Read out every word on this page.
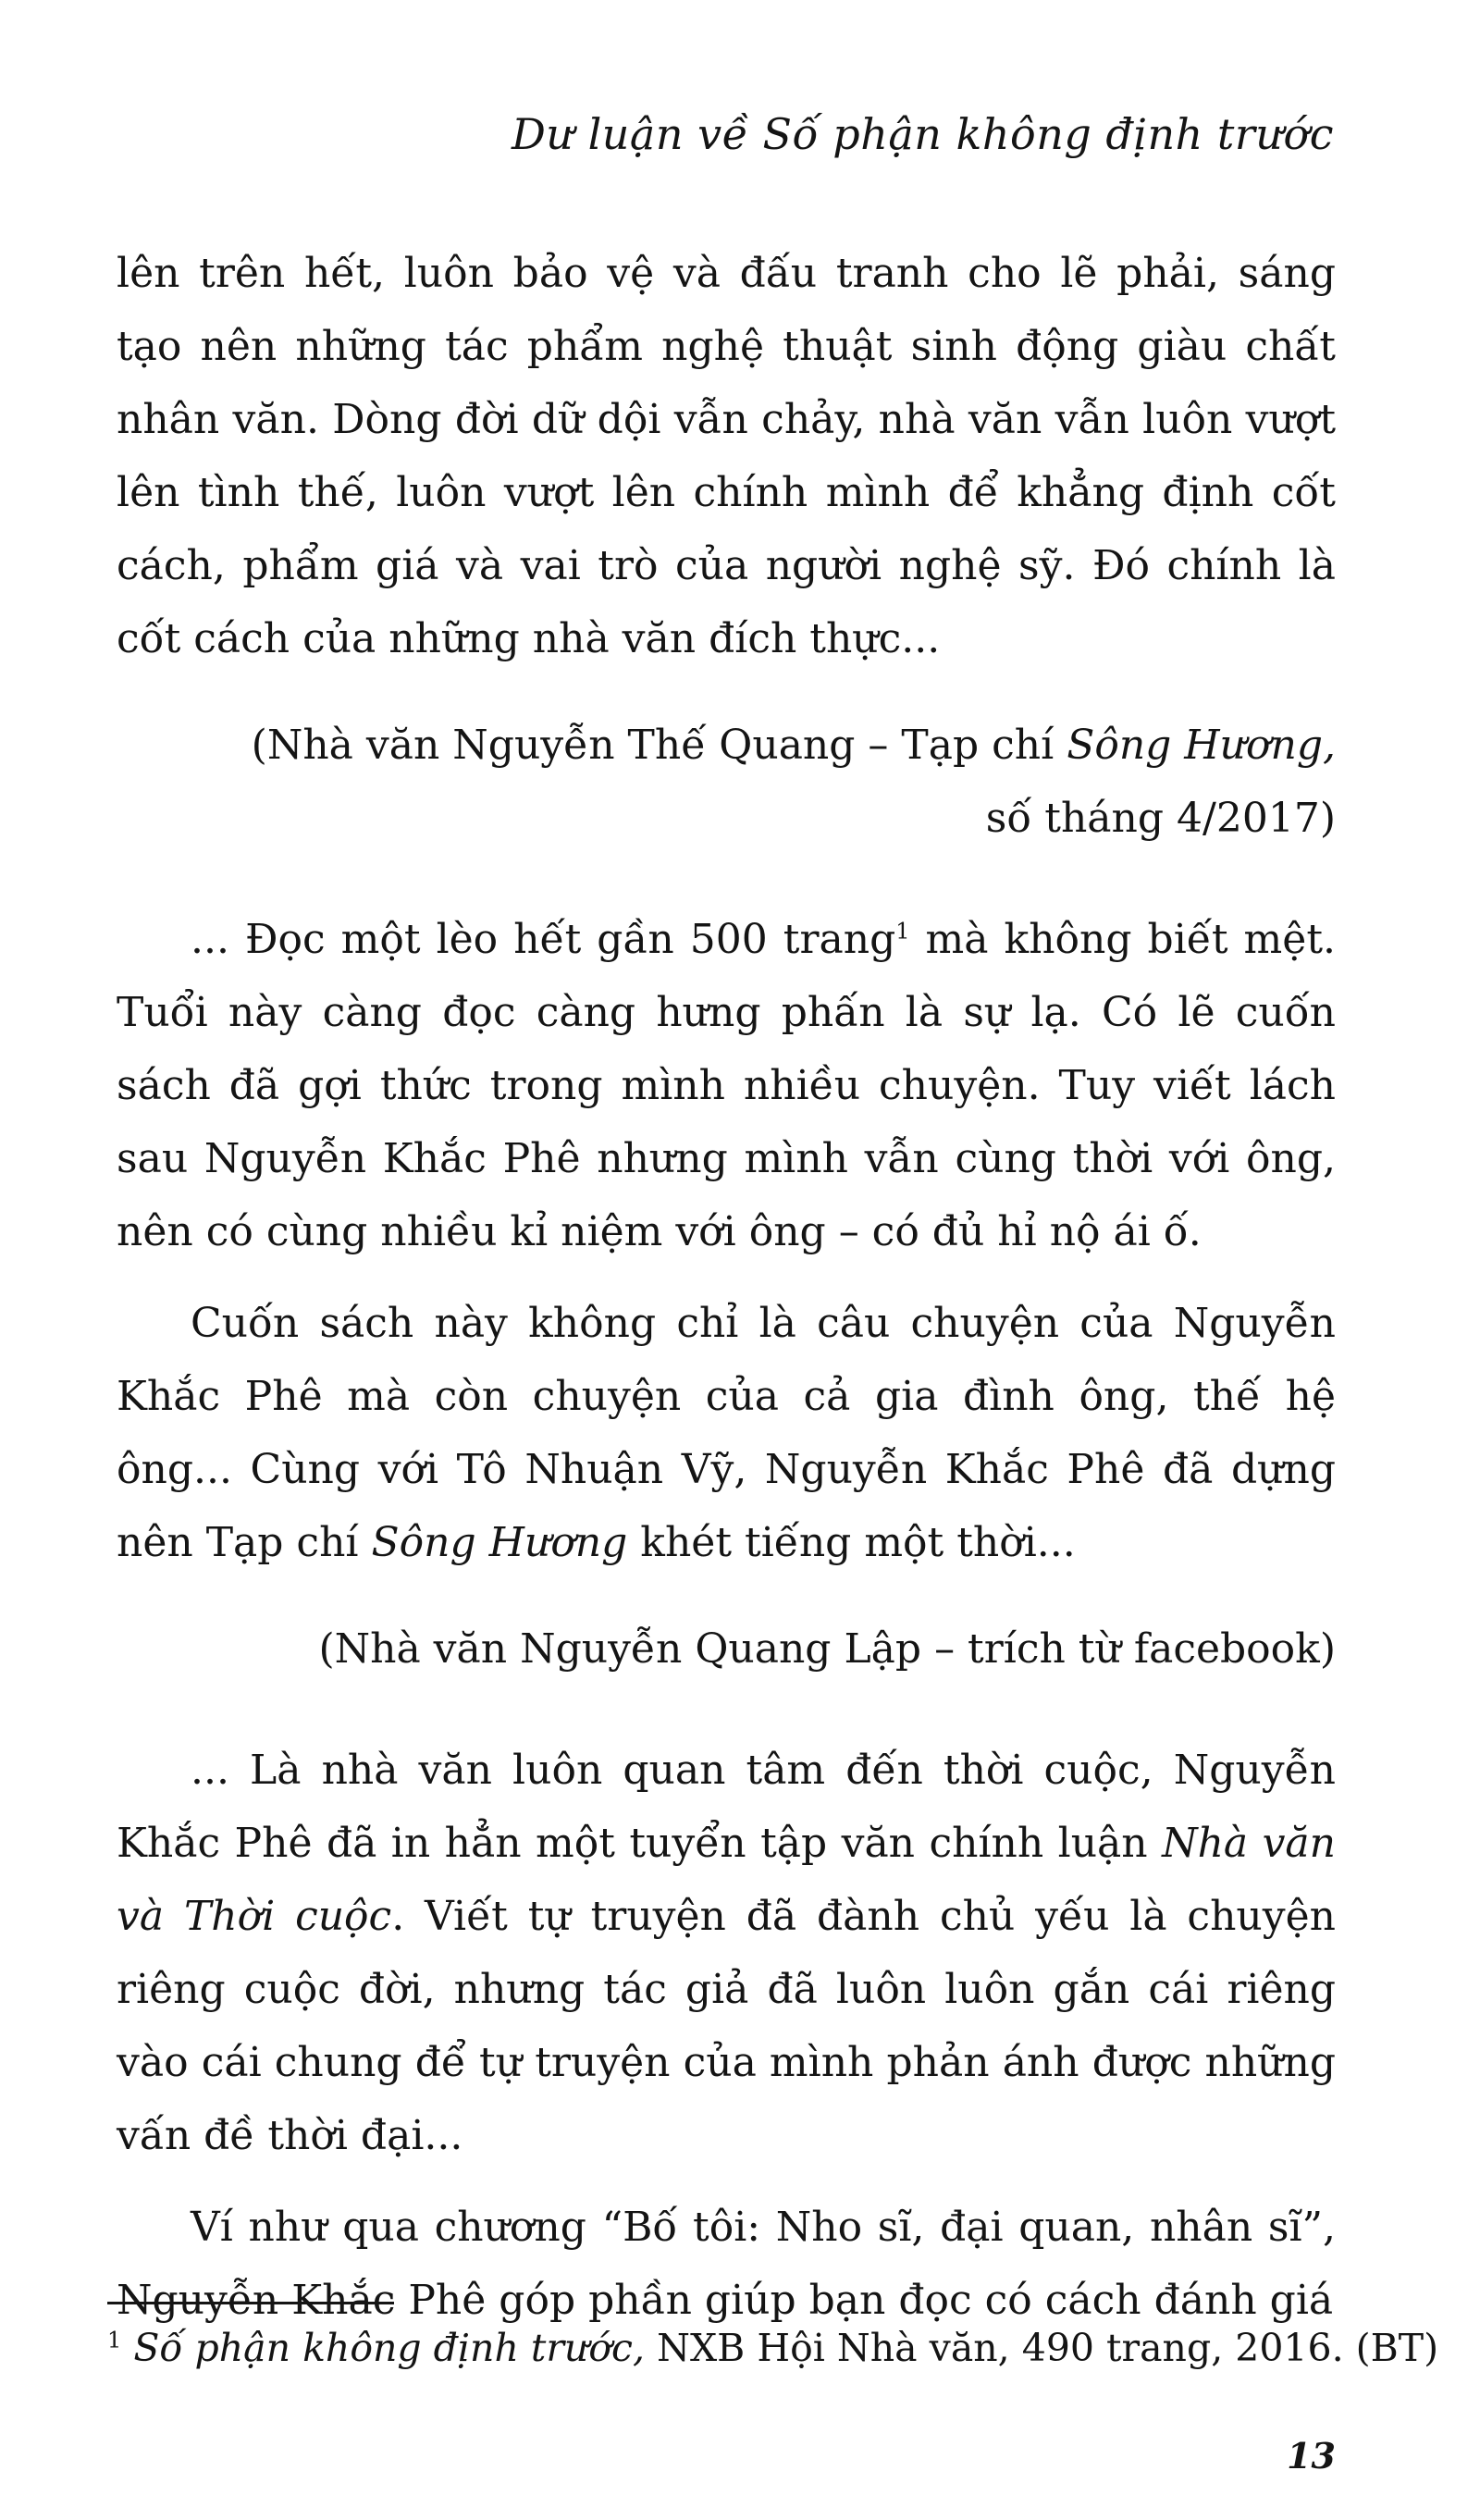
Dư luận về Số phận không định trước

lên trên hết, luôn bảo vệ và đấu tranh cho lẽ phải, sáng tạo nên những tác phẩm nghệ thuật sinh động giàu chất nhân văn. Dòng đời dữ dội vẫn chảy, nhà văn vẫn luôn vượt lên tình thế, luôn vượt lên chính mình để khẳng định cốt cách, phẩm giá và vai trò của người nghệ sỹ. Đó chính là cốt cách của những nhà văn đích thực...

(Nhà văn Nguyễn Thế Quang – Tạp chí Sông Hương,
số tháng 4/2017)

... Đọc một lèo hết gần 500 trang$^1$ mà không biết mệt. Tuổi này càng đọc càng hưng phấn là sự lạ. Có lẽ cuốn sách đã gợi thức trong mình nhiều chuyện. Tuy viết lách sau Nguyễn Khắc Phê nhưng mình vẫn cùng thời với ông, nên có cùng nhiều kỉ niệm với ông – có đủ hỉ nộ ái ố.

Cuốn sách này không chỉ là câu chuyện của Nguyễn Khắc Phê mà còn chuyện của cả gia đình ông, thế hệ ông... Cùng với Tô Nhuận Vỹ, Nguyễn Khắc Phê đã dựng nên Tạp chí Sông Hương khét tiếng một thời...

(Nhà văn Nguyễn Quang Lập – trích từ facebook)

... Là nhà văn luôn quan tâm đến thời cuộc, Nguyễn Khắc Phê đã in hẳn một tuyển tập văn chính luận Nhà văn và Thời cuộc. Viết tự truyện đã đành chủ yếu là chuyện riêng cuộc đời, nhưng tác giả đã luôn luôn gắn cái riêng vào cái chung để tự truyện của mình phản ánh được những vấn đề thời đại...

Ví như qua chương “Bố tôi: Nho sĩ, đại quan, nhân sĩ”, Nguyễn Khắc Phê góp phần giúp bạn đọc có cách đánh giá

$^1$ Số phận không định trước, NXB Hội Nhà văn, 490 trang, 2016. (BT)
13
